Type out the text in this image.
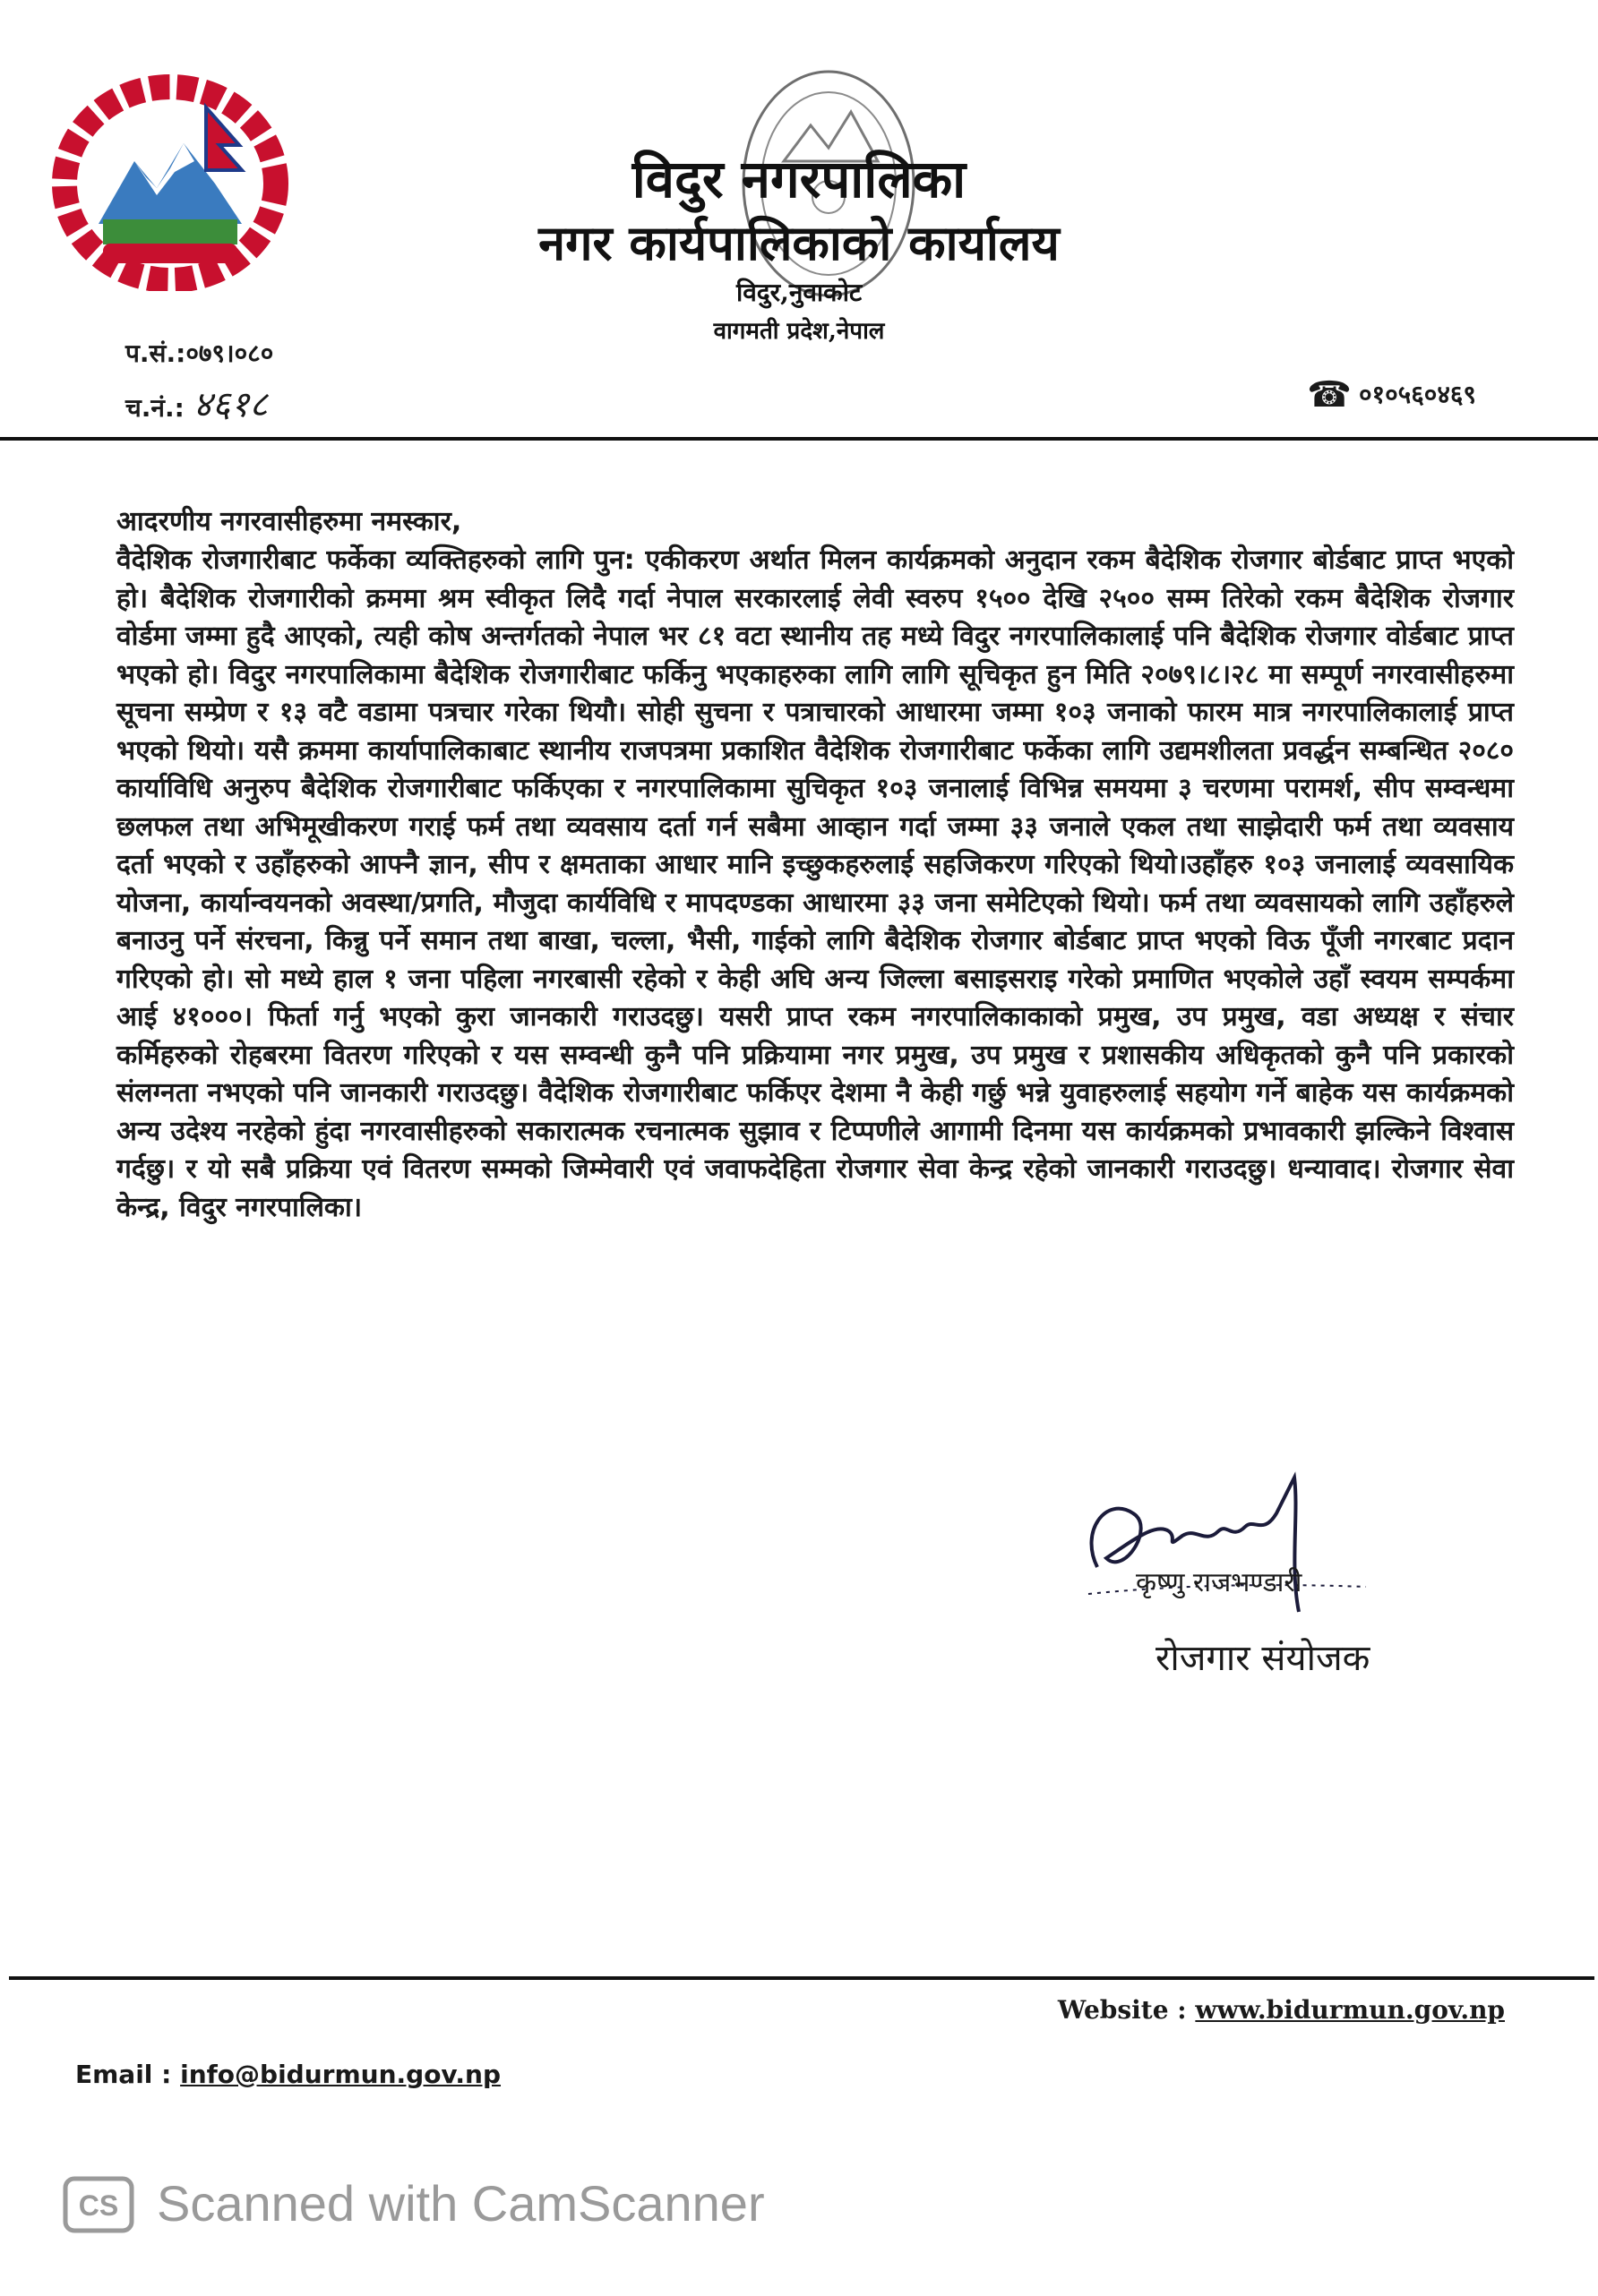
विदुर नगरपालिका
नगर कार्यपालिकाको कार्यालय
विदुर,नुवाकोट
वागमती प्रदेश,नेपाल
प.सं.:०७९।०८०
च.नं.: ४६१८	☎ ०१०५६०४६९
आदरणीय नगरवासीहरुमा नमस्कार,
वैदेशिक रोजगारीबाट फर्केका व्यक्तिहरुको लागि पुन: एकीकरण अर्थात मिलन कार्यक्रमको अनुदान रकम बैदेशिक रोजगार बोर्डबाट प्राप्त भएको हो। बैदेशिक रोजगारीको क्रममा श्रम स्वीकृत लिदै गर्दा नेपाल सरकारलाई लेवी स्वरुप १५०० देखि २५०० सम्म तिरेको रकम बैदेशिक रोजगार वोर्डमा जम्मा हुदै आएको, त्यही कोष अन्तर्गतको नेपाल भर ८१ वटा स्थानीय तह मध्ये विदुर नगरपालिकालाई पनि बैदेशिक रोजगार वोर्डबाट प्राप्त भएको हो। विदुर नगरपालिकामा बैदेशिक रोजगारीबाट फर्किनु भएकाहरुका लागि लागि सूचिकृत हुन मिति २०७९।८।२८ मा सम्पूर्ण नगरवासीहरुमा सूचना सम्प्रेण र १३ वटै वडामा पत्रचार गरेका थियौ। सोही सुचना र पत्राचारको आधारमा जम्मा १०३ जनाको फारम मात्र नगरपालिकालाई प्राप्त भएको थियो। यसै क्रममा कार्यापालिकाबाट स्थानीय राजपत्रमा प्रकाशित वैदेशिक रोजगारीबाट फर्केका लागि उद्यमशीलता प्रवर्द्धन सम्बन्धित २०८० कार्याविधि अनुरुप बैदेशिक रोजगारीबाट फर्किएका र नगरपालिकामा सुचिकृत १०३ जनालाई विभिन्न समयमा ३ चरणमा परामर्श, सीप सम्वन्धमा छलफल तथा अभिमूखीकरण गराई फर्म तथा व्यवसाय दर्ता गर्न सबैमा आव्हान गर्दा जम्मा ३३ जनाले एकल तथा साझेदारी फर्म तथा व्यवसाय दर्ता भएको र उहाँहरुको आफ्नै ज्ञान, सीप र क्षमताका आधार मानि इच्छुकहरुलाई सहजिकरण गरिएको थियो।उहाँहरु १०३ जनालाई व्यवसायिक योजना, कार्यान्वयनको अवस्था/प्रगति, मौजुदा कार्यविधि र मापदण्डका आधारमा ३३ जना समेटिएको थियो। फर्म तथा व्यवसायको लागि उहाँहरुले बनाउनु पर्ने संरचना, किन्नु पर्ने समान तथा बाखा, चल्ला, भैसी, गाईको लागि बैदेशिक रोजगार बोर्डबाट प्राप्त भएको विऊ पूँजी नगरबाट प्रदान गरिएको हो। सो मध्ये हाल १ जना पहिला नगरबासी रहेको र केही अघि अन्य जिल्ला बसाइसराइ गरेको प्रमाणित भएकोले उहाँ स्वयम सम्पर्कमा आई ४१०००। फिर्ता गर्नु भएको कुरा जानकारी गराउदछु। यसरी प्राप्त रकम नगरपालिकाकाको प्रमुख, उप प्रमुख, वडा अध्यक्ष र संचार कर्मिहरुको रोहबरमा वितरण गरिएको र यस सम्वन्धी कुनै पनि प्रक्रियामा नगर प्रमुख, उप प्रमुख र प्रशासकीय अधिकृतको कुनै पनि प्रकारको संलग्नता नभएको पनि जानकारी गराउदछु। वैदेशिक रोजगारीबाट फर्किएर देशमा नै केही गर्छु भन्ने युवाहरुलाई सहयोग गर्ने बाहेक यस कार्यक्रमको अन्य उदेश्य नरहेको हुंदा नगरवासीहरुको सकारात्मक रचनात्मक सुझाव र टिप्पणीले आगामी दिनमा यस कार्यक्रमको प्रभावकारी झल्किने विश्वास गर्दछु। र यो सबै प्रक्रिया एवं वितरण सम्मको जिम्मेवारी एवं जवाफदेहिता रोजगार सेवा केन्द्र रहेको जानकारी गराउदछु। धन्यावाद। रोजगार सेवा केन्द्र, विदुर नगरपालिका।
कृष्णु राजभण्डारी
रोजगार संयोजक
Website : www.bidurmun.gov.np
Email : info@bidurmun.gov.np
CS Scanned with CamScanner
